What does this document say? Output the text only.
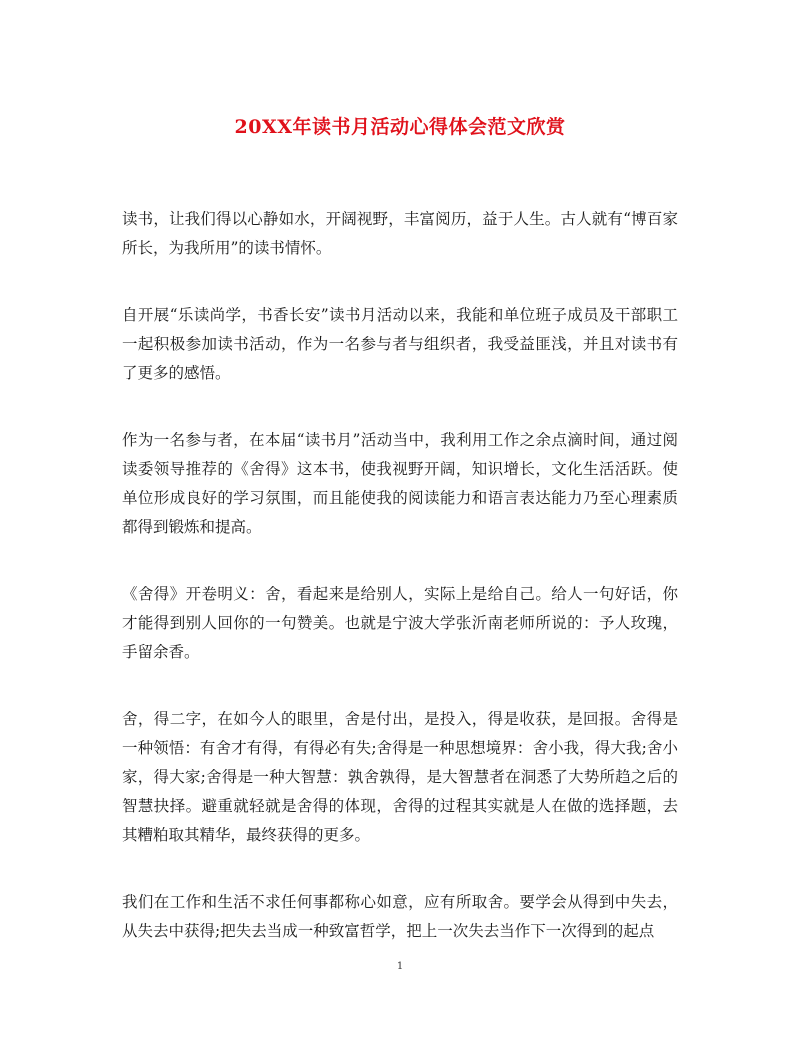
20XX年读书月活动心得体会范文欣赏

读书，让我们得以心静如水，开阔视野，丰富阅历，益于人生。古人就有“博百家所长，为我所用”的读书情怀。

自开展“乐读尚学，书香长安”读书月活动以来，我能和单位班子成员及干部职工一起积极参加读书活动，作为一名参与者与组织者，我受益匪浅，并且对读书有了更多的感悟。

作为一名参与者，在本届“读书月”活动当中，我利用工作之余点滴时间，通过阅读委领导推荐的《舍得》这本书，使我视野开阔，知识增长，文化生活活跃。使单位形成良好的学习氛围，而且能使我的阅读能力和语言表达能力乃至心理素质都得到锻炼和提高。

《舍得》开卷明义：舍，看起来是给别人，实际上是给自己。给人一句好话，你才能得到别人回你的一句赞美。也就是宁波大学张沂南老师所说的：予人玫瑰，手留余香。

舍，得二字，在如今人的眼里，舍是付出，是投入，得是收获，是回报。舍得是一种领悟：有舍才有得，有得必有失;舍得是一种思想境界：舍小我，得大我;舍小家，得大家;舍得是一种大智慧：孰舍孰得，是大智慧者在洞悉了大势所趋之后的智慧抉择。避重就轻就是舍得的体现，舍得的过程其实就是人在做的选择题，去其糟粕取其精华，最终获得的更多。

我们在工作和生活不求任何事都称心如意，应有所取舍。要学会从得到中失去，从失去中获得;把失去当成一种致富哲学，把上一次失去当作下一次得到的起点

1
